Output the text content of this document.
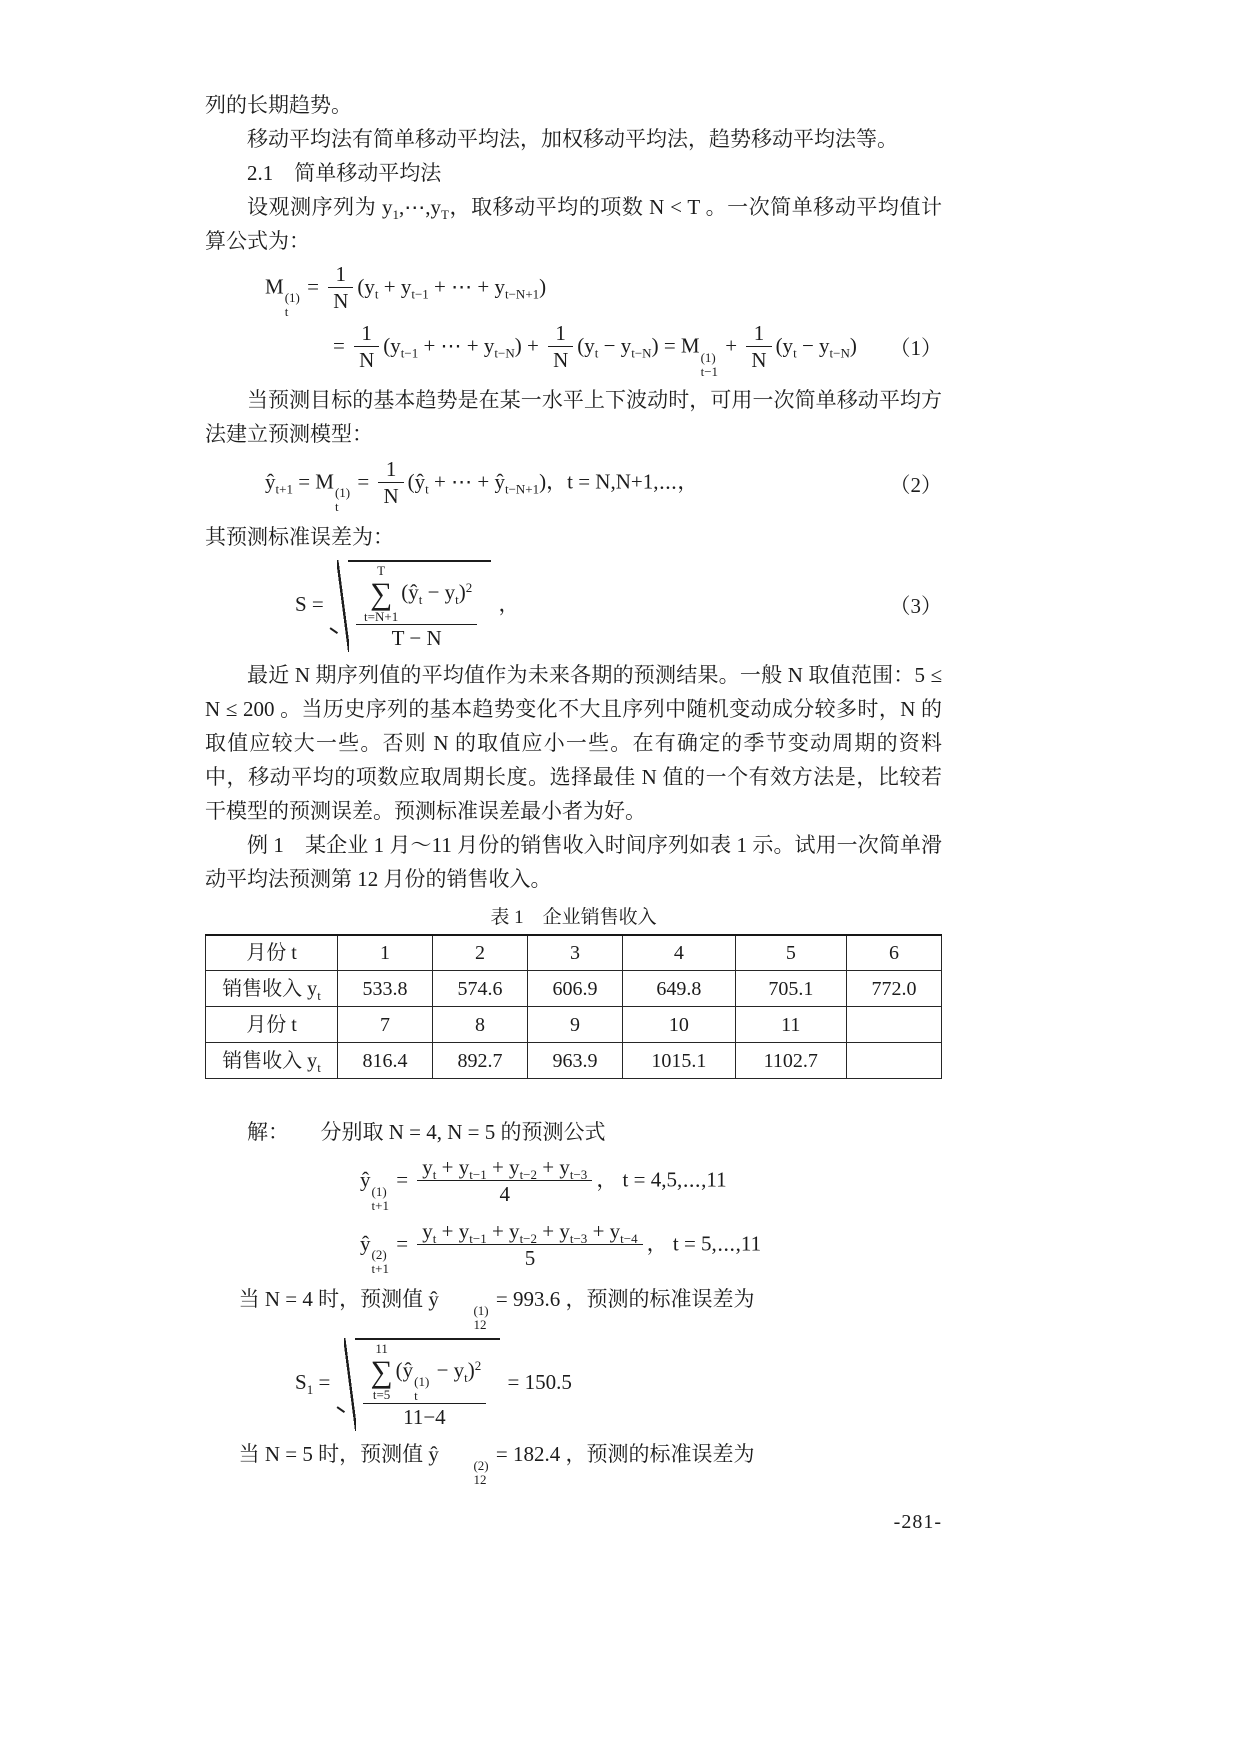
列的长期趋势。

移动平均法有简单移动平均法，加权移动平均法，趋势移动平均法等。

2.1　简单移动平均法

设观测序列为 $y_1,\cdots,y_T$，取移动平均的项数 N < T 。一次简单移动平均值计算公式为：

M (1)
t
= $\frac{1}{N} (y_t + y_{t-1}$ + ⋯ + $y_{t-N+1}$)
= $\frac{1}{N} (y_{t-1}$ + ⋯ + $y_{t-N}) + \frac{1}{N} (y_t - y_{t-N}) = M$ (1)
t−1
+ $\frac{1}{N} (y_t - y_{t-N})$ （1）

当预测目标的基本趋势是在某一水平上下波动时，可用一次简单移动平均方法建立预测模型：

$ŷ_{t+1} = M$ (1)
t
= $\frac{1}{N}$ ($ŷ_t$ + ⋯ + $ŷ_{t-N+1}$)，t = N,N+1,⋯，	（2）

其预测标准误差为：

S = T
∑
t=N+1
$(ŷ_t - y_t)^2$
T − N ，	（3）

最近 N 期序列值的平均值作为未来各期的预测结果。一般 N 取值范围：5 ≤ N ≤ 200 。当历史序列的基本趋势变化不大且序列中随机变动成分较多时，N 的取值应较大一些。否则 N 的取值应小一些。在有确定的季节变动周期的资料中，移动平均的项数应取周期长度。选择最佳 N 值的一个有效方法是，比较若干模型的预测误差。预测标准误差最小者为好。

例 1　某企业 1 月～11 月份的销售收入时间序列如表 1 示。试用一次简单滑动平均法预测第 12 月份的销售收入。

表 1　企业销售收入
月份 t	1	2	3	4	5	6
销售收入 $y_t$	533.8	574.6	606.9	649.8	705.1	772.0
月份 t	7	8	9	10	11	
销售收入 $y_t$	816.4	892.7	963.9	1015.1	1102.7	

解：　　分别取 N = 4, N = 5 的预测公式

ŷ (1)
t+1
= $\frac{y_t + y_{t-1} + y_{t-2} + y_{t-3}}{4}$ ， t = 4,5,⋯,11
ŷ (2)
t+1
= $\frac{y_t + y_{t-1} + y_{t-2} + y_{t-3} + y_{t-4}}{5}$ ， t = 5,⋯,11

当 N = 4 时，预测值 ŷ	(1)
12
= 993.6 ，预测的标准误差为

$S_1 = 11$
∑
t=5
(ŷ (1)
t
− $y_t)^2$
11−4 = 150.5

当 N = 5 时，预测值 ŷ	(2)
12
= 182.4 ，预测的标准误差为

-281-
